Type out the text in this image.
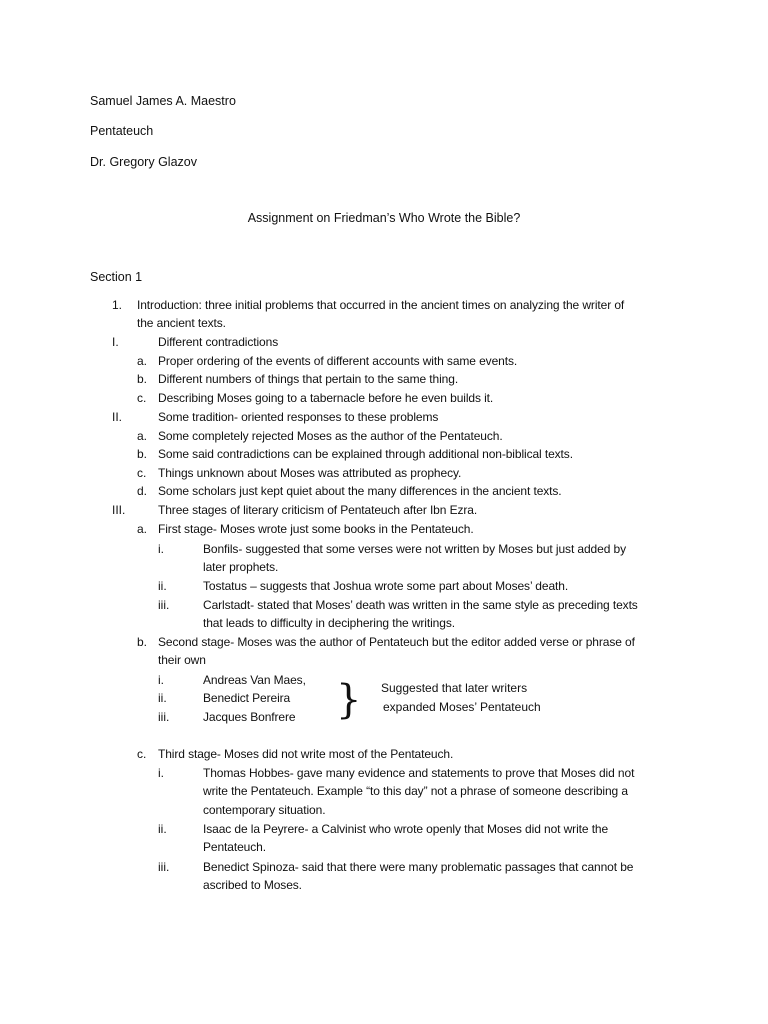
Samuel James A. Maestro
Pentateuch
Dr. Gregory Glazov
Assignment on Friedman’s Who Wrote the Bible?
Section 1
1. Introduction: three initial problems that occurred in the ancient times on analyzing the writer of
the ancient texts.
I.	Different contradictions
a. Proper ordering of the events of different accounts with same events.
b. Different numbers of things that pertain to the same thing.
c. Describing Moses going to a tabernacle before he even builds it.
II.	Some tradition- oriented responses to these problems
a. Some completely rejected Moses as the author of the Pentateuch.
b. Some said contradictions can be explained through additional non-biblical texts.
c. Things unknown about Moses was attributed as prophecy.
d. Some scholars just kept quiet about the many differences in the ancient texts.
III.	Three stages of literary criticism of Pentateuch after Ibn Ezra.
a. First stage- Moses wrote just some books in the Pentateuch.
i.	Bonfils- suggested that some verses were not written by Moses but just added by
later prophets.
ii.	Tostatus – suggests that Joshua wrote some part about Moses’ death.
iii.	Carlstadt- stated that Moses’ death was written in the same style as preceding texts
that leads to difficulty in deciphering the writings.
b. Second stage- Moses was the author of Pentateuch but the editor added verse or phrase of
their own
i.	Andreas Van Maes,
ii.	Benedict Pereira
iii.	Jacques Bonfrere } Suggested that later writers
expanded Moses’ Pentateuch
c. Third stage- Moses did not write most of the Pentateuch.
i.	Thomas Hobbes- gave many evidence and statements to prove that Moses did not
write the Pentateuch. Example “to this day” not a phrase of someone describing a
contemporary situation.
ii.	Isaac de la Peyrere- a Calvinist who wrote openly that Moses did not write the
Pentateuch.
iii.	Benedict Spinoza- said that there were many problematic passages that cannot be
ascribed to Moses.
